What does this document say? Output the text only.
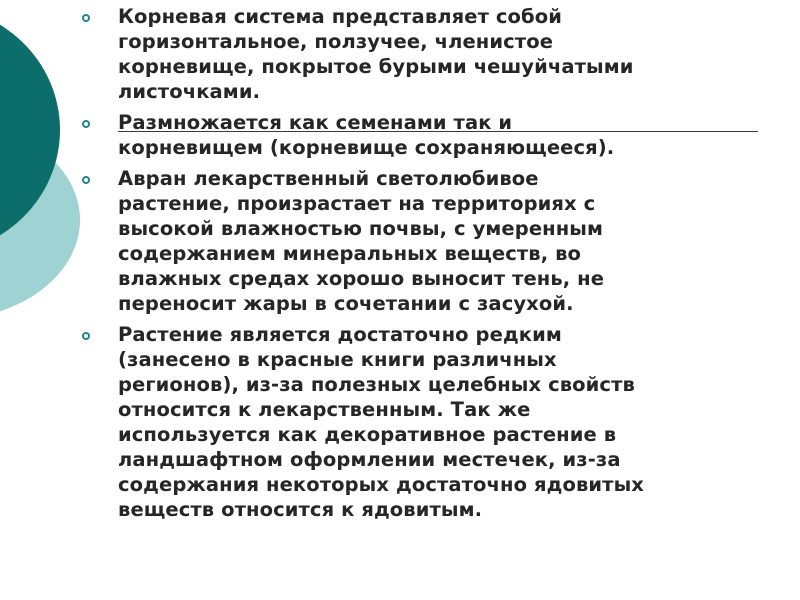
Корневая система представляет собой
горизонтальное, ползучее, членистое
корневище, покрытое бурыми чешуйчатыми
листочками.
Размножается как семенами так и
корневищем (корневище сохраняющееся).
Авран лекарственный светолюбивое
растение, произрастает на территориях с
высокой влажностью почвы, с умеренным
содержанием минеральных веществ, во
влажных средах хорошо выносит тень, не
переносит жары в сочетании с засухой.
Растение является достаточно редким
(занесено в красные книги различных
регионов), из-за полезных целебных свойств
относится к лекарственным. Так же
используется как декоративное растение в
ландшафтном оформлении местечек, из-за
содержания некоторых достаточно ядовитых
веществ относится к ядовитым.
